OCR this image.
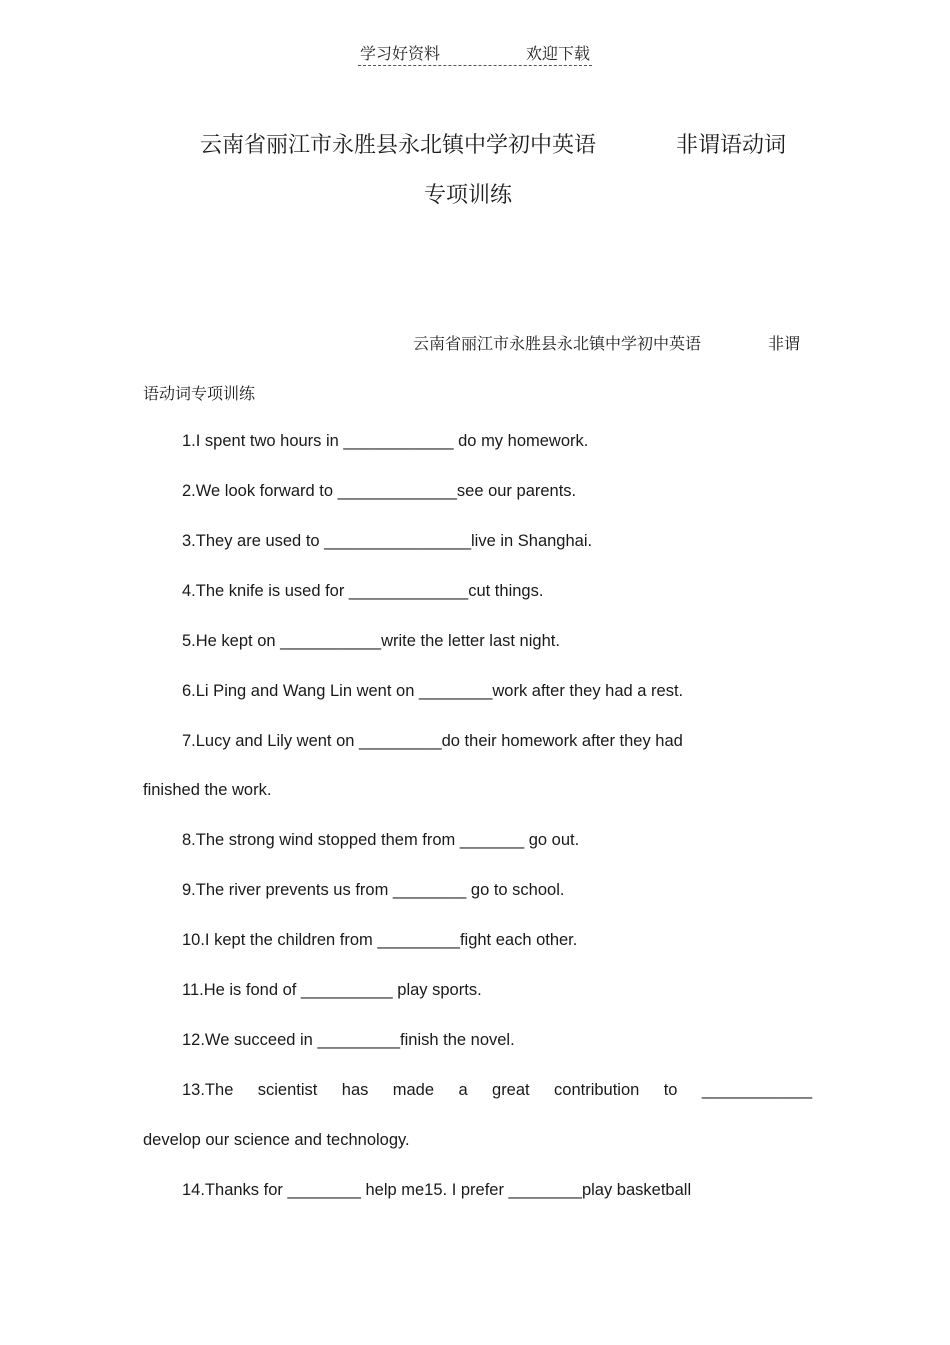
学习好资料	欢迎下载
云南省丽江市永胜县永北镇中学初中英语	非谓语动词
专项训练
云南省丽江市永胜县永北镇中学初中英语	非谓
语动词专项训练
1.I spent two hours in ____________ do my homework.
2.We look forward to _____________see our parents.
3.They are used to ________________live in Shanghai.
4.The knife is used for _____________cut things.
5.He kept on ___________write the letter last night.
6.Li Ping and Wang Lin went on ________work after they had a rest.
7.Lucy and Lily went on _________do their homework after they had
finished the work.
8.The strong wind stopped them from _______ go out.
9.The river prevents us from ________ go to school.
10.I kept the children from _________fight each other.
11.He is fond of __________ play sports.
12.We succeed in _________finish the novel.
13.The scientist has made a great contribution to ____________
develop our science and technology.
14.Thanks for ________ help me15. I prefer ________play basketball
